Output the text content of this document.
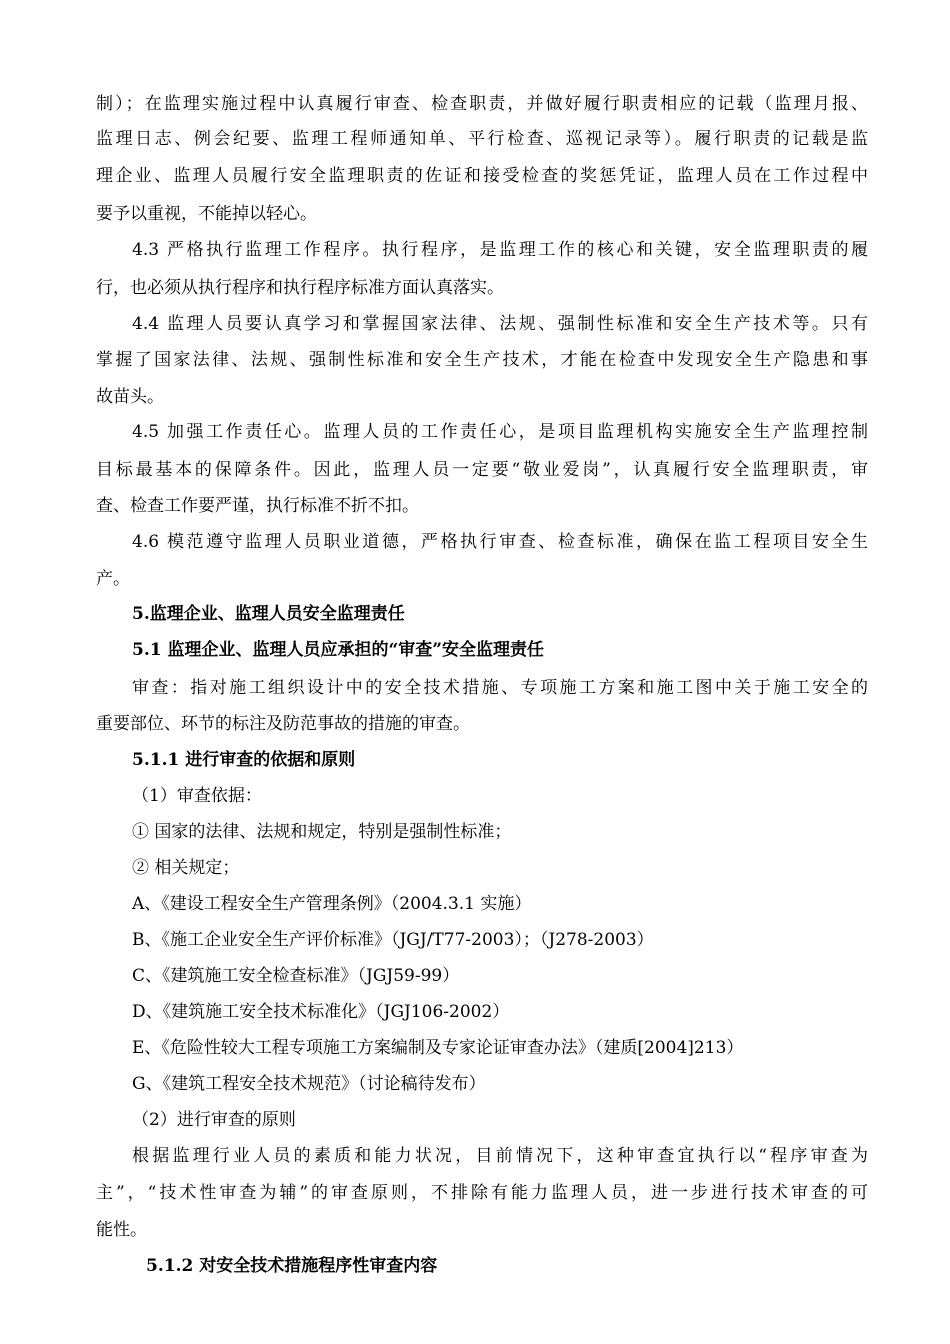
制）；在监理实施过程中认真履行审查、检查职责，并做好履行职责相应的记载（监理月报、

监理日志、例会纪要、监理工程师通知单、平行检查、巡视记录等）。履行职责的记载是监

理企业、监理人员履行安全监理职责的佐证和接受检查的奖惩凭证，监理人员在工作过程中

要予以重视，不能掉以轻心。

4.3 严格执行监理工作程序。执行程序，是监理工作的核心和关键，安全监理职责的履

行，也必须从执行程序和执行程序标准方面认真落实。

4.4 监理人员要认真学习和掌握国家法律、法规、强制性标准和安全生产技术等。只有

掌握了国家法律、法规、强制性标准和安全生产技术，才能在检查中发现安全生产隐患和事

故苗头。

4.5 加强工作责任心。监理人员的工作责任心，是项目监理机构实施安全生产监理控制

目标最基本的保障条件。因此，监理人员一定要“敬业爱岗”，认真履行安全监理职责，审

查、检查工作要严谨，执行标准不折不扣。

4.6 模范遵守监理人员职业道德，严格执行审查、检查标准，确保在监工程项目安全生

产。

5.监理企业、监理人员安全监理责任

5.1 监理企业、监理人员应承担的“审查”安全监理责任

审查：指对施工组织设计中的安全技术措施、专项施工方案和施工图中关于施工安全的

重要部位、环节的标注及防范事故的措施的审查。

5.1.1 进行审查的依据和原则

（1）审查依据：

① 国家的法律、法规和规定，特别是强制性标准；

② 相关规定；

A、《建设工程安全生产管理条例》（2004.3.1 实施）

B、《施工企业安全生产评价标准》（JGJ/T77-2003）；（J278-2003）

C、《建筑施工安全检查标准》（JGJ59-99）

D、《建筑施工安全技术标准化》（JGJ106-2002）

E、《危险性较大工程专项施工方案编制及专家论证审查办法》（建质[2004]213）

G、《建筑工程安全技术规范》（讨论稿待发布）

（2）进行审查的原则

根据监理行业人员的素质和能力状况，目前情况下，这种审查宜执行以“程序审查为

主”，“技术性审查为辅”的审查原则，不排除有能力监理人员，进一步进行技术审查的可

能性。

5.1.2 对安全技术措施程序性审查内容
